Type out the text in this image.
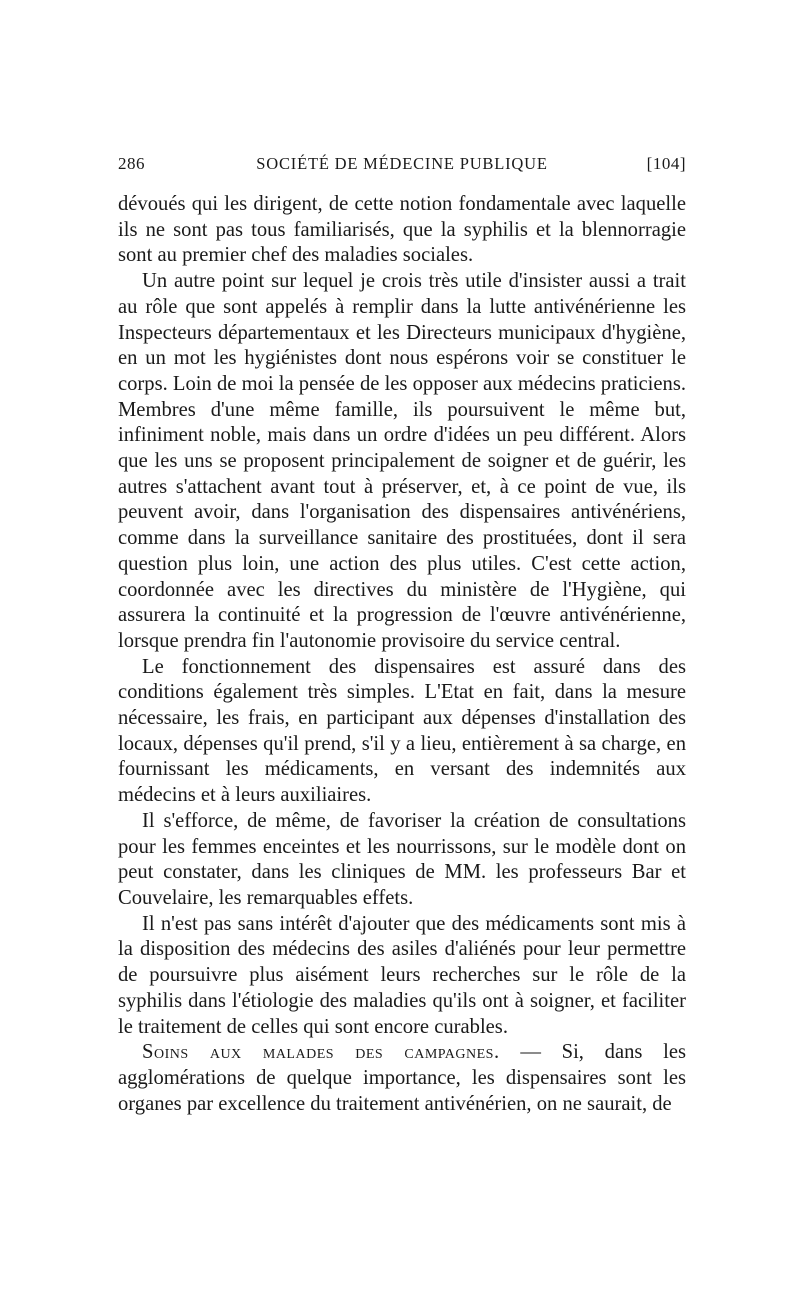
286	SOCIÉTÉ DE MÉDECINE PUBLIQUE	[104]

dévoués qui les dirigent, de cette notion fondamentale avec laquelle ils ne sont pas tous familiarisés, que la syphilis et la blennorragie sont au premier chef des maladies sociales.

Un autre point sur lequel je crois très utile d'insister aussi a trait au rôle que sont appelés à remplir dans la lutte antivénérienne les Inspecteurs départementaux et les Directeurs municipaux d'hygiène, en un mot les hygiénistes dont nous espérons voir se constituer le corps. Loin de moi la pensée de les opposer aux médecins praticiens. Membres d'une même famille, ils poursuivent le même but, infiniment noble, mais dans un ordre d'idées un peu différent. Alors que les uns se proposent principalement de soigner et de guérir, les autres s'attachent avant tout à préserver, et, à ce point de vue, ils peuvent avoir, dans l'organisation des dispensaires antivénériens, comme dans la surveillance sanitaire des prostituées, dont il sera question plus loin, une action des plus utiles. C'est cette action, coordonnée avec les directives du ministère de l'Hygiène, qui assurera la continuité et la progression de l'œuvre antivénérienne, lorsque prendra fin l'autonomie provisoire du service central.

Le fonctionnement des dispensaires est assuré dans des conditions également très simples. L'Etat en fait, dans la mesure nécessaire, les frais, en participant aux dépenses d'installation des locaux, dépenses qu'il prend, s'il y a lieu, entièrement à sa charge, en fournissant les médicaments, en versant des indemnités aux médecins et à leurs auxiliaires.

Il s'efforce, de même, de favoriser la création de consultations pour les femmes enceintes et les nourrissons, sur le modèle dont on peut constater, dans les cliniques de MM. les professeurs Bar et Couvelaire, les remarquables effets.

Il n'est pas sans intérêt d'ajouter que des médicaments sont mis à la disposition des médecins des asiles d'aliénés pour leur permettre de poursuivre plus aisément leurs recherches sur le rôle de la syphilis dans l'étiologie des maladies qu'ils ont à soigner, et faciliter le traitement de celles qui sont encore curables.

Soins aux malades des campagnes. — Si, dans les agglomérations de quelque importance, les dispensaires sont les organes par excellence du traitement antivénérien, on ne saurait, de
